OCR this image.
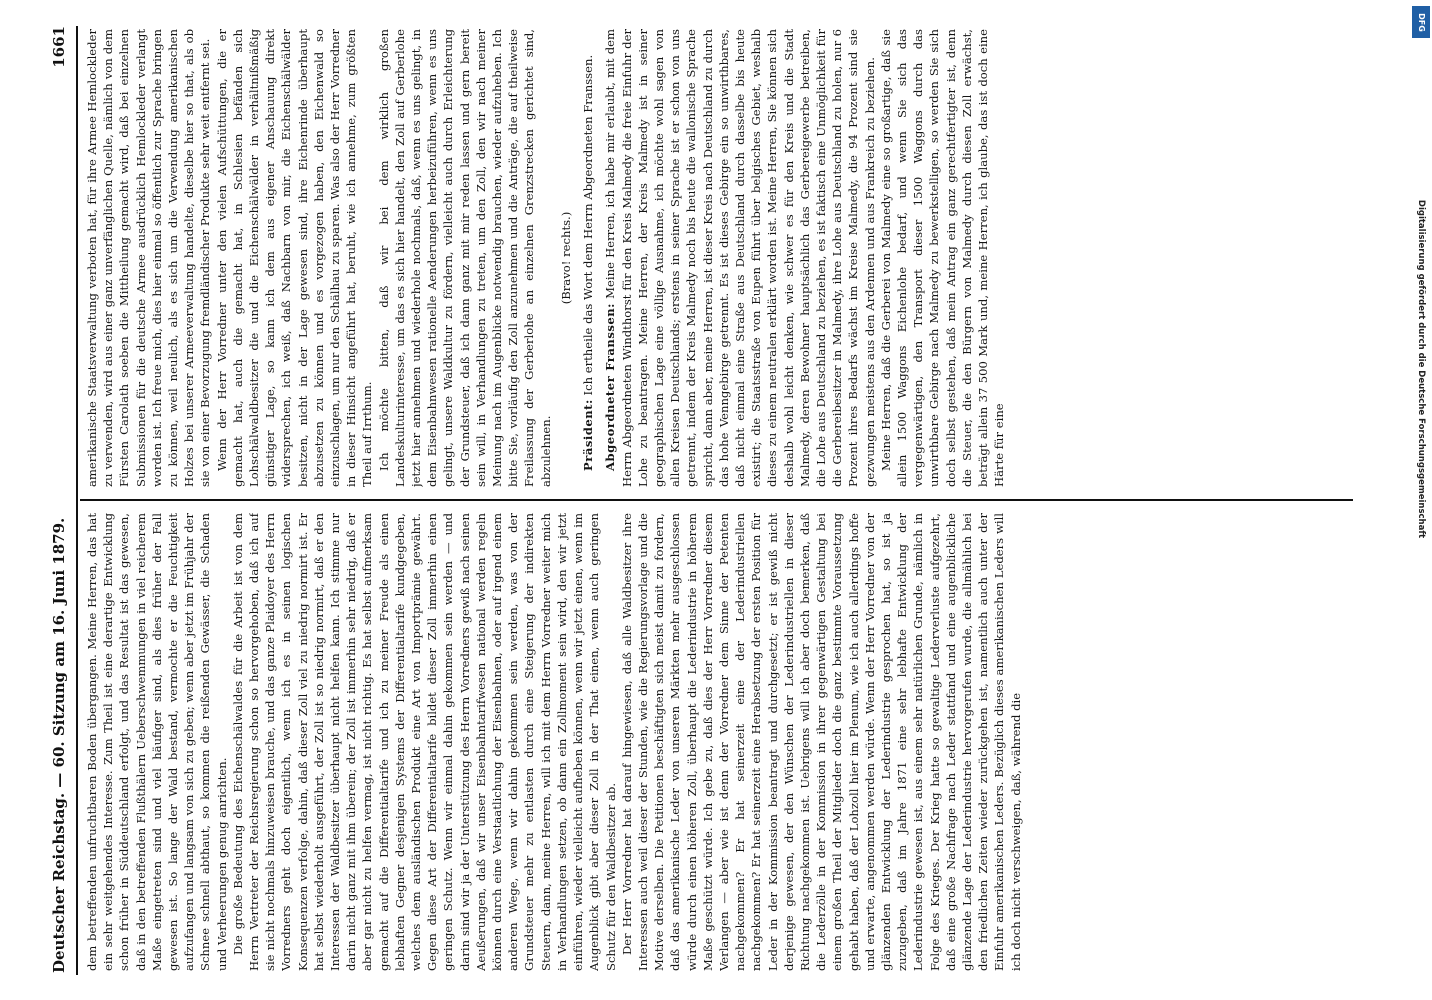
Deutscher Reichstag. — 60. Sitzung am 16. Juni 1879.
1661

dem betreffenden unfruchtbaren Boden übergangen. Meine Herren, das hat ein sehr weitgehendes Interesse. Zum Theil ist eine derartige Entwicklung schon früher in Süddeutschland erfolgt, und das Resultat ist das gewesen, daß in den betreffenden Flußthälern Ueberschwemmungen in viel reicherem Maße eingetreten sind und viel häufiger sind, als dies früher der Fall gewesen ist. So lange der Wald bestand, vermochte er die Feuchtigkeit aufzufangen und langsam von sich zu geben; wenn aber jetzt im Frühjahr der Schnee schnell abthaut, so kommen die reißenden Gewässer, die Schaden und Verheerungen genug anrichten. Die große Bedeutung des Eichenschälwaldes für die Arbeit ist von dem Herrn Vertreter der Reichsregierung schon so hervorgehoben, daß ich auf sie nicht nochmals hinzuweisen brauche, und das ganze Plaidoyer des Herrn Vorredners geht doch eigentlich, wenn ich es in seinen logischen Konsequenzen verfolge, dahin, daß dieser Zoll viel zu niedrig normirt ist. Er hat selbst wiederholt ausgeführt, der Zoll ist so niedrig normirt, daß er den Interessen der Waldbesitzer überhaupt nicht helfen kann. Ich stimme nur darin nicht ganz mit ihm überein; der Zoll ist immerhin sehr niedrig, daß er aber gar nicht zu helfen vermag, ist nicht richtig. Es hat selbst aufmerksam gemacht auf die Differentialtarife und ich zu meiner Freude als einen lebhaften Gegner desjenigen Systems der Differentialtarife kundgegeben, welches dem ausländischen Produkt eine Art von Importprämie gewährt. Gegen diese Art der Differentialtarife bildet dieser Zoll immerhin einen geringen Schutz. Wenn wir einmal dahin gekommen sein werden — und darin sind wir ja der Unterstützung des Herrn Vorredners gewiß nach seinen Aeußerungen, daß wir unser Eisenbahntarifwesen national werden regeln können durch eine Verstaatlichung der Eisenbahnen, oder auf irgend einem anderen Wege, wenn wir dahin gekommen sein werden, was von der Grundsteuer mehr zu entlasten durch eine Steigerung der indirekten Steuern, dann, meine Herren, will ich mit dem Herrn Vorredner weiter mich in Verhandlungen setzen, ob dann ein Zollmoment sein wird, den wir jetzt einführen, wieder vielleicht aufheben können, wenn wir jetzt einen, wenn im Augenblick gibt aber dieser Zoll in der That einen, wenn auch geringen Schutz für den Waldbesitzer ab. Der Herr Vorredner hat darauf hingewiesen, daß alle Waldbesitzer ihre Interessen auch weil dieser der Stunden, wie die Regierungsvorlage und die Motive derselben. Die Petitionen beschäftigten sich meist damit zu fordern, daß das amerikanische Leder von unseren Märkten mehr ausgeschlossen würde durch einen höheren Zoll, überhaupt die Lederindustrie in höherem Maße geschützt würde. Ich gebe zu, daß dies der Herr Vorredner diesem Verlangen — aber wie ist denn der Vorredner dem Sinne der Petenten nachgekommen? Er hat seinerzeit eine der Lederindustriellen nachgekommen? Er hat seinerzeit eine Herabsetzung der ersten Position für Leder in der Kommission beantragt und durchgesetzt; er ist gewiß nicht derjenige gewesen, der den Wünschen der Lederindustriellen in dieser Richtung nachgekommen ist. Uebrigens will ich aber doch bemerken, daß die Lederzölle in der Kommission in ihrer gegenwärtigen Gestaltung bei einem großen Theil der Mitglieder doch die ganz bestimmte Voraussetzung gehabt haben, daß der Lohzoll hier im Plenum, wie ich auch allerdings hoffe und erwarte, angenommen werden würde. Wenn der Herr Vorredner von der glänzenden Entwicklung der Lederindustrie gesprochen hat, so ist ja zuzugeben, daß im Jahre 1871 eine sehr lebhafte Entwicklung der Lederindustrie gewesen ist, aus einem sehr natürlichen Grunde, nämlich in Folge des Krieges. Der Krieg hatte so gewaltige Lederverluste aufgezehrt, daß eine große Nachfrage nach Leder stattfand und eine augenblickliche glänzende Lage der Lederindustrie hervorgerufen wurde, die allmählich bei den friedlichen Zeiten wieder zurückgehen ist, namentlich auch unter der Einfuhr amerikanischen Leders. Bezüglich dieses amerikanischen Leders will ich doch nicht verschweigen, daß, während die

amerikanische Staatsverwaltung verboten hat, für ihre Armee Hemlockleder zu verwenden, wird aus einer ganz unverfänglichen Quelle, nämlich von dem Fürsten Carolath soeben die Mittheilung gemacht wird, daß bei einzelnen Submissionen für die deutsche Armee ausdrücklich Hemlockleder verlangt worden ist. Ich freue mich, dies hier einmal so öffentlich zur Sprache bringen zu können, weil neulich, als es sich um die Verwendung amerikanischen Holzes bei unserer Armeeverwaltung handelte, dieselbe hier so that, als ob sie von einer Bevorzugung fremdländischer Produkte sehr weit entfernt sei. Wenn der Herr Vorredner unter den vielen Aufschüttungen, die er gemacht hat, auch die gemacht hat, in Schlesien befänden sich Lohschälwaldbesitzer die und die Eichenschälwälder in verhältnißmäßig günstiger Lage, so kann ich dem aus eigener Anschauung direkt widersprechen, ich weiß, daß Nachbarn von mir, die Eichenschälwälder besitzen, nicht in der Lage gewesen sind, ihre Eichenrinde überhaupt abzusetzen zu können und es vorgezogen haben, den Eichenwald so einzuschlagen, um nur den Schälhau zu sparen. Was also der Herr Vorredner in dieser Hinsicht angeführt hat, beruht, wie ich annehme, zum größten Theil auf Irrthum. Ich möchte bitten, daß wir bei dem wirklich großen Landeskulturinteresse, um das es sich hier handelt, den Zoll auf Gerberlohe jetzt hier annehmen und wiederhole nochmals, daß, wenn es uns gelingt, in dem Eisenbahnwesen rationelle Aenderungen herbeizuführen, wenn es uns gelingt, unsere Waldkultur zu fördern, vielleicht auch durch Erleichterung der Grundsteuer, daß ich dann ganz mit mir reden lassen und gern bereit sein will, in Verhandlungen zu treten, um den Zoll, den wir nach meiner Meinung nach im Augenblicke notwendig brauchen, wieder aufzuheben. Ich bitte Sie, vorläufig den Zoll anzunehmen und die Anträge, die auf theilweise Freilassung der Gerberlohe an einzelnen Grenzstrecken gerichtet sind, abzulehnen.

(Bravo! rechts.)

Präsident: Ich ertheile das Wort dem Herrn Abgeordneten Franssen. Abgeordneter Franssen: Meine Herren, ich habe mir erlaubt, mit dem Herrn Abgeordneten Windthorst für den Kreis Malmedy die freie Einfuhr der Lohe zu beantragen. Meine Herren, der Kreis Malmedy ist in seiner geographischen Lage eine völlige Ausnahme, ich möchte wohl sagen von allen Kreisen Deutschlands; erstens in seiner Sprache ist er schon von uns getrennt, indem der Kreis Malmedy noch bis heute die wallonische Sprache spricht, dann aber, meine Herren, ist dieser Kreis nach Deutschland zu durch das hohe Venngebirge getrennt. Es ist dieses Gebirge ein so unwirthbares, daß nicht einmal eine Straße aus Deutschland durch dasselbe bis heute existirt; die Staatsstraße von Eupen führt über belgisches Gebiet, weshalb dieses zu einem neutralen erklärt worden ist. Meine Herren, Sie können sich deshalb wohl leicht denken, wie schwer es für den Kreis und die Stadt Malmedy, deren Bewohner hauptsächlich das Gerbereigewerbe betreiben, die Lohe aus Deutschland zu beziehen, es ist faktisch eine Unmöglichkeit für die Gerbereibesitzer in Malmedy, ihre Lohe aus Deutschland zu holen, nur 6 Prozent ihres Bedarfs wächst im Kreise Malmedy, die 94 Prozent sind sie gezwungen meistens aus den Ardennen und aus Frankreich zu beziehen. Meine Herren, daß die Gerberei von Malmedy eine so großartige, daß sie allein 1500 Waggons Eichenlohe bedarf, und wenn Sie sich das vergegenwärtigen, den Transport dieser 1500 Waggons durch das unwirthbare Gebirge nach Malmedy zu bewerkstelligen, so werden Sie sich doch selbst gestehen, daß mein Antrag ein ganz gerechtfertigter ist, denn die Steuer, die den Bürgern von Malmedy durch diesen Zoll erwächst, beträgt allein 37 500 Mark und, meine Herren, ich glaube, das ist doch eine Härte für eine

DFG
Digitalisierung gefördert durch die Deutsche Forschungsgemeinschaft
